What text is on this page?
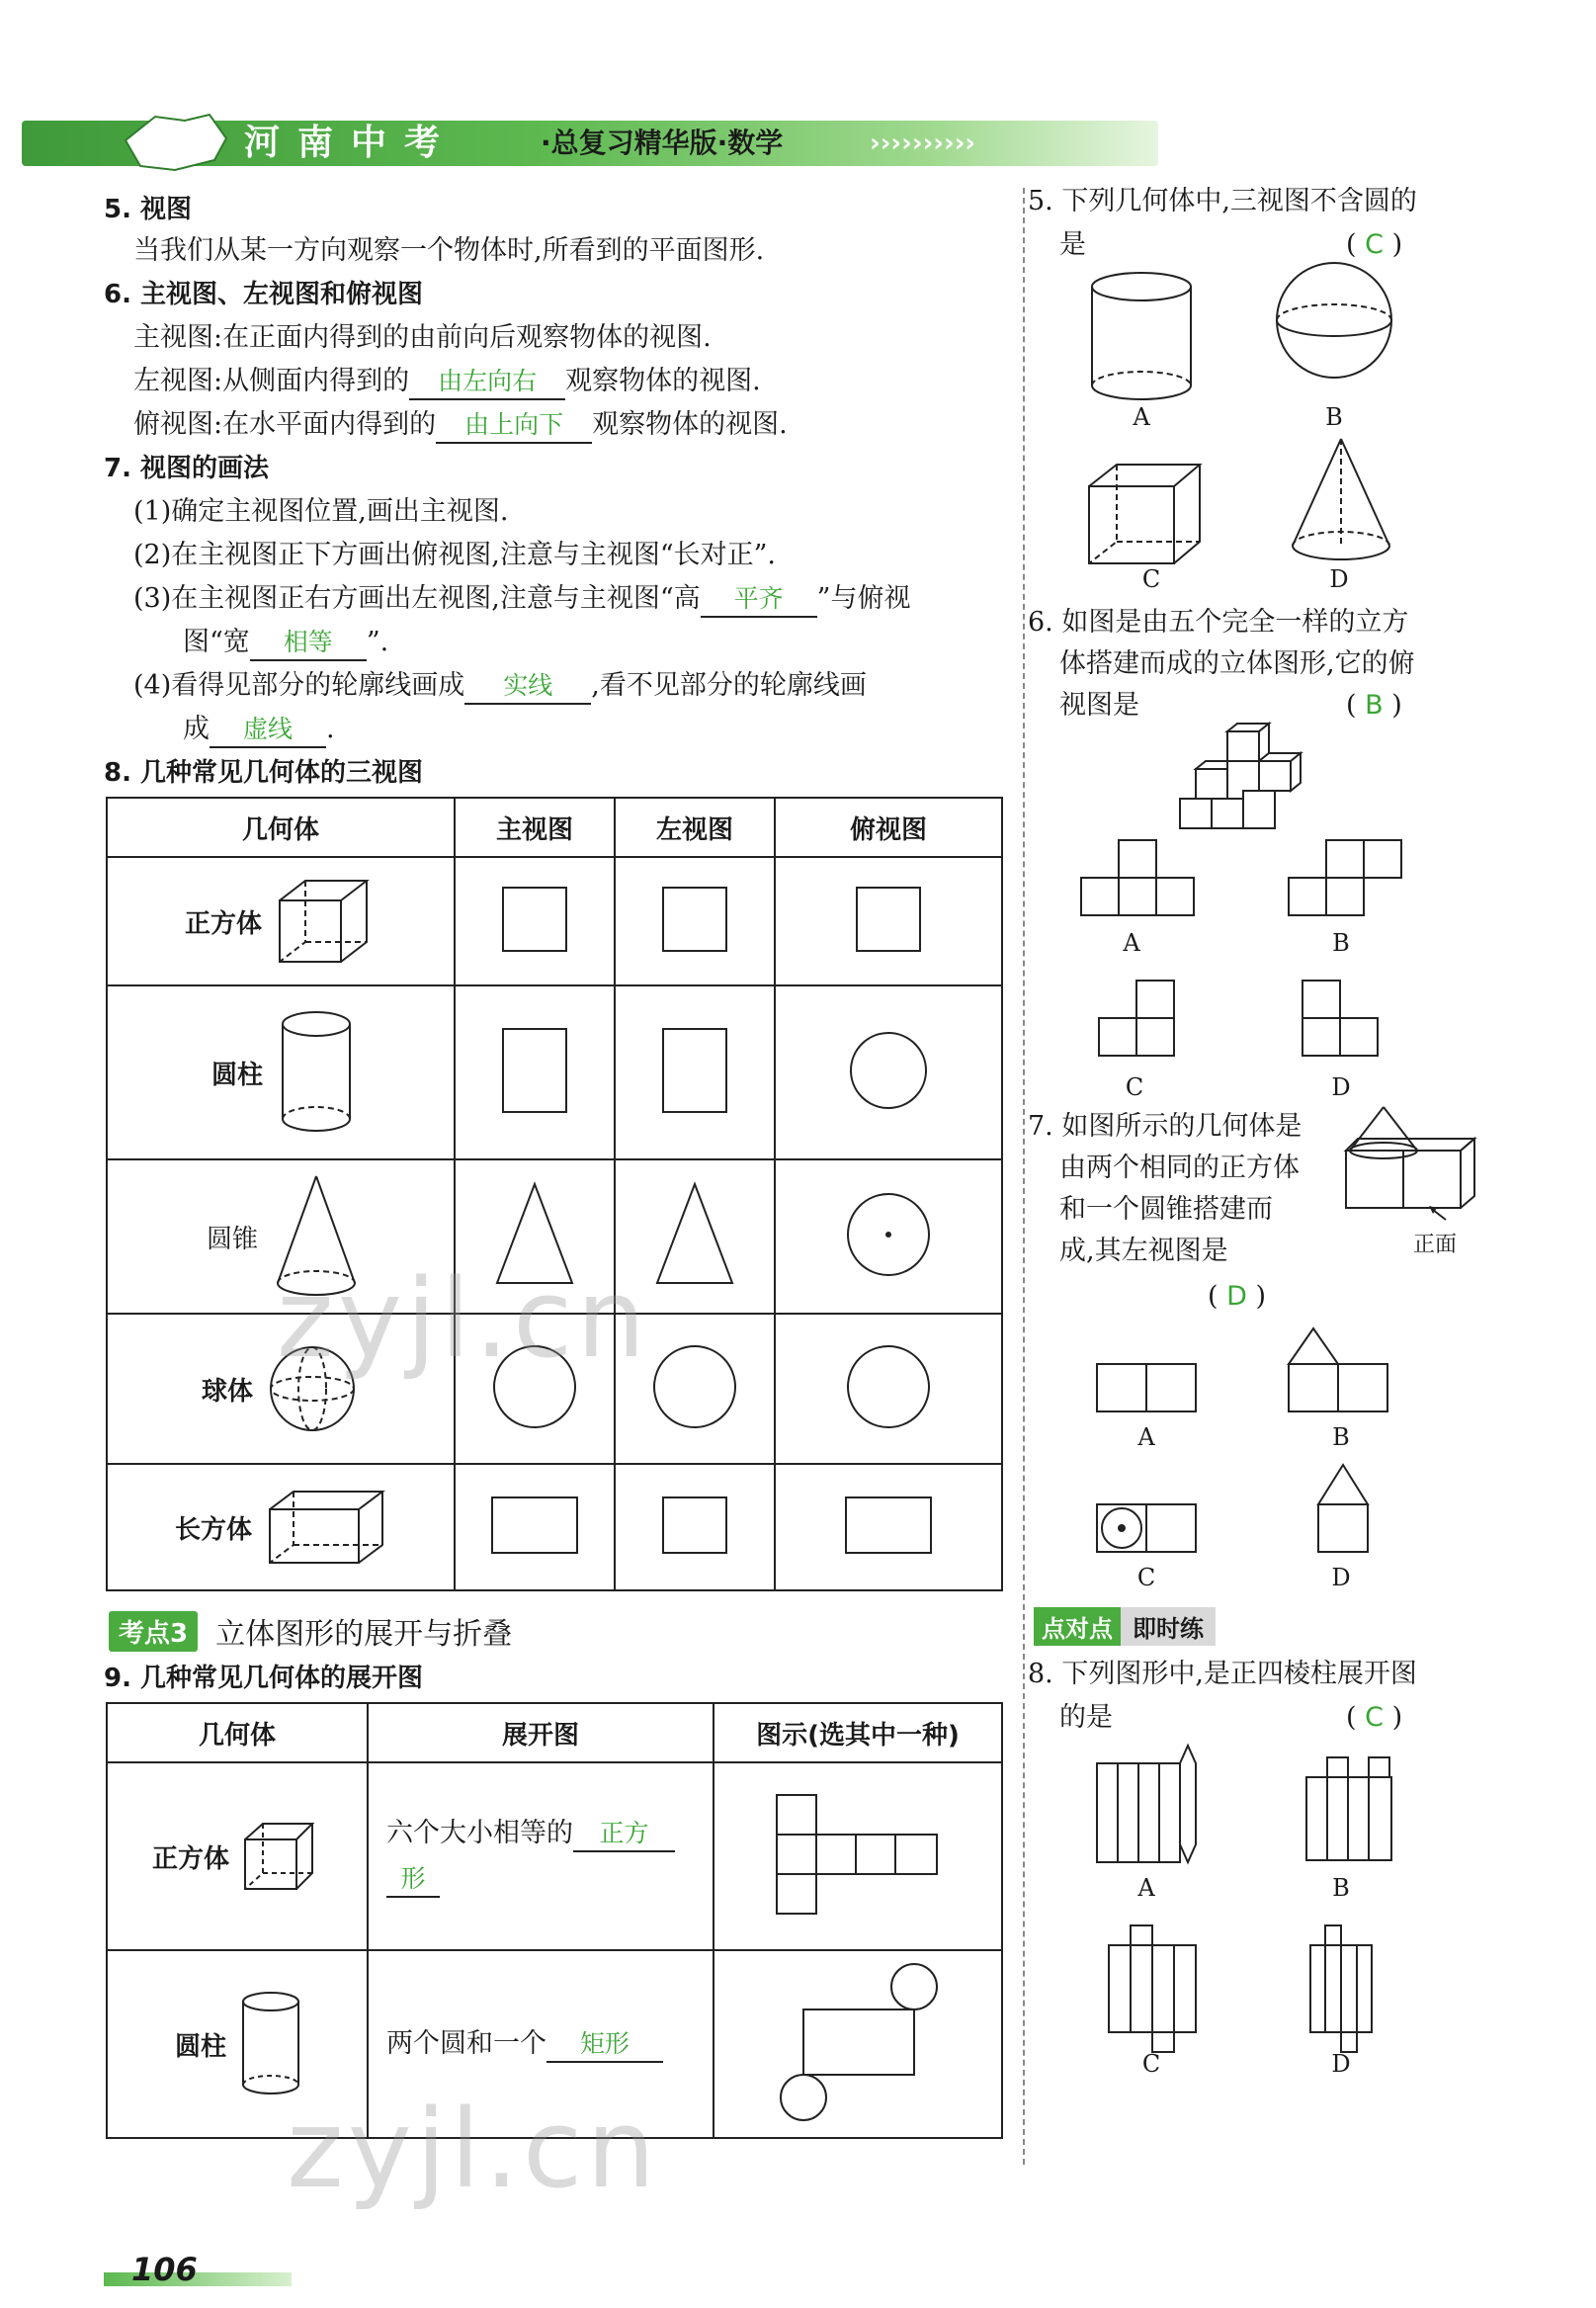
河南中考	·总复习精华版·数学	››››››››››
5. 视图
当我们从某一方向观察一个物体时,所看到的平面图形.
6. 主视图、左视图和俯视图
主视图:在正面内得到的由前向后观察物体的视图.
左视图:从侧面内得到的 由左向右 观察物体的视图.
俯视图:在水平面内得到的 由上向下 观察物体的视图.
7. 视图的画法
(1)确定主视图位置,画出主视图.
(2)在主视图正下方画出俯视图,注意与主视图“长对正”.
(3)在主视图正右方画出左视图,注意与主视图“高 平齐 ”与俯视
图“宽 相等 ”.
(4)看得见部分的轮廓线画成 实线 ,看不见部分的轮廓线画
成 虚线 .
8. 几种常见几何体的三视图
几何体	主视图	左视图	俯视图

正方体

圆柱

圆锥

球体

长方体

考点3 立体图形的展开与折叠
9. 几种常见几何体的展开图
几何体	展开图	图示(选其中一种)

正方体	六个大小相等的 正方
形

圆柱	两个圆和一个 矩形

106
5. 下列几何体中,三视图不含圆的
是	( C )
A	B
C	D
6. 如图是由五个完全一样的立方
体搭建而成的立体图形,它的俯
视图是	( B )
A	B
C	D
7. 如图所示的几何体是
由两个相同的正方体
和一个圆锥搭建而
成,其左视图是
( D )
正面
A	B
C	D
点对点 即时练
8. 下列图形中,是正四棱柱展开图
的是	( C )
A	B
C	D
zyjl.cn
zyjl.cn
